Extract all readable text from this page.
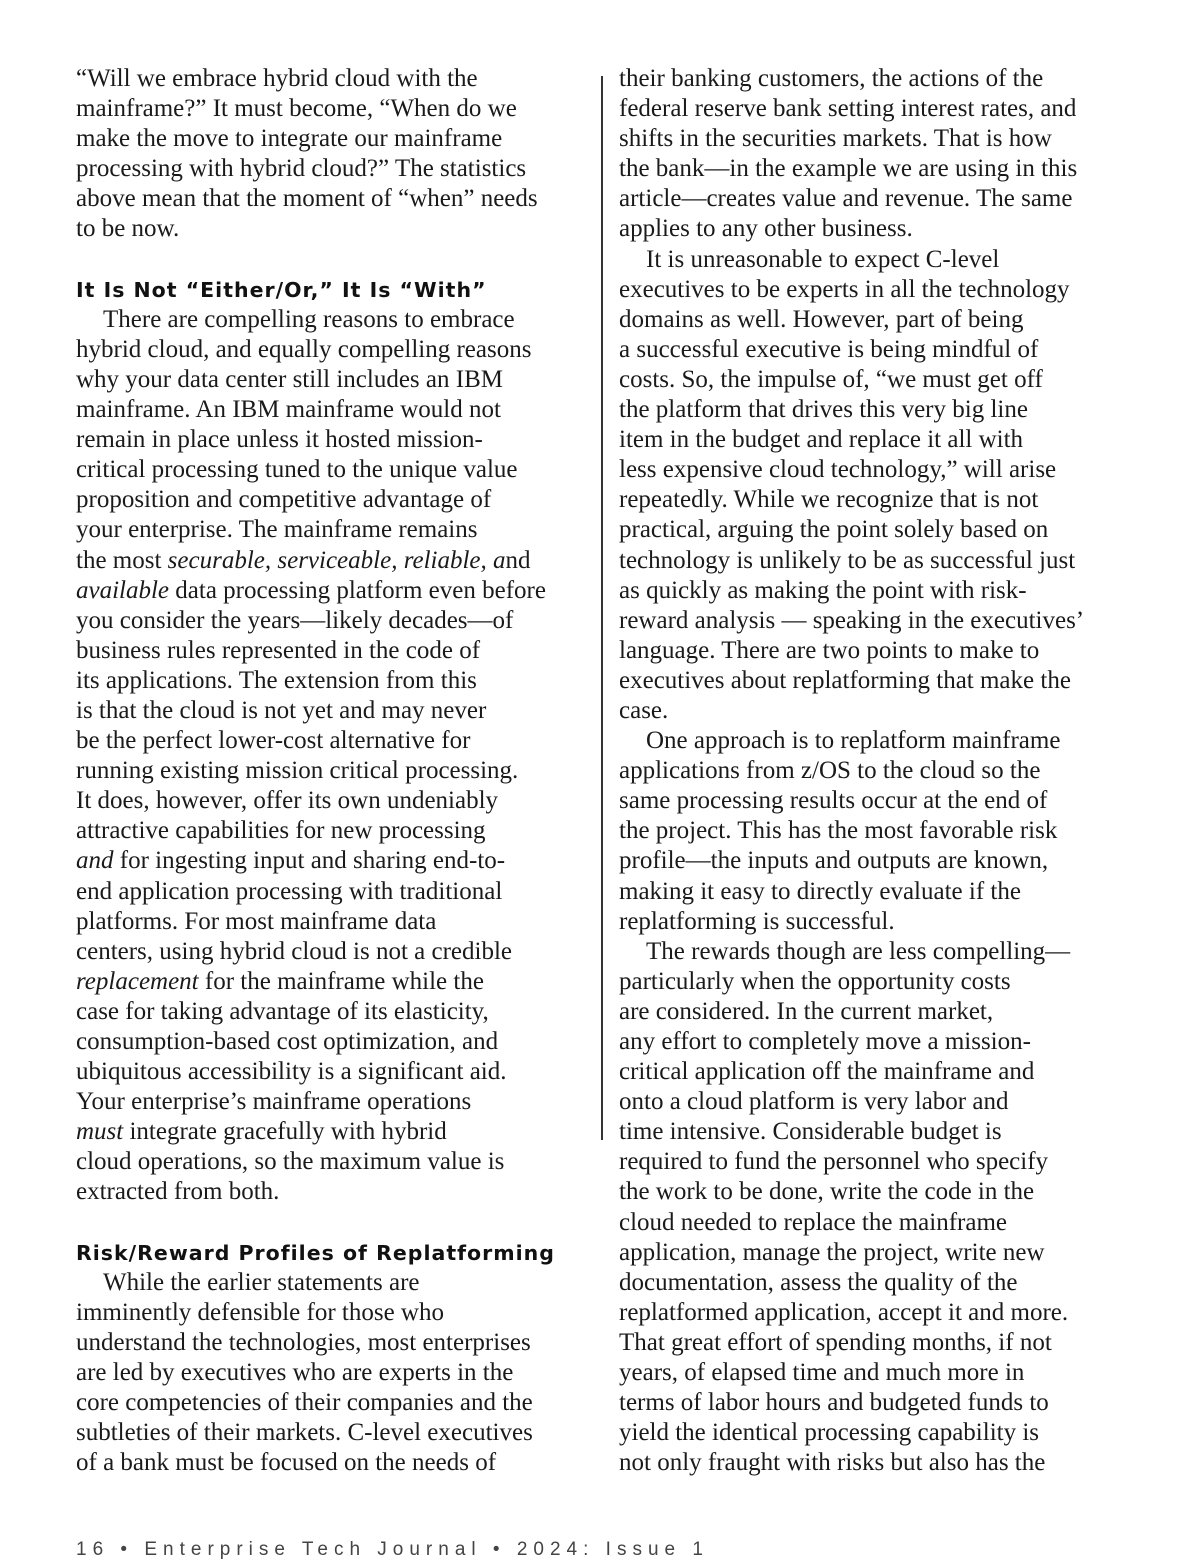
“Will we embrace hybrid cloud with the
mainframe?” It must become, “When do we
make the move to integrate our mainframe
processing with hybrid cloud?” The statistics
above mean that the moment of “when” needs
to be now.
It Is Not “Either/Or,” It Is “With”
There are compelling reasons to embrace
hybrid cloud, and equally compelling reasons
why your data center still includes an IBM
mainframe. An IBM mainframe would not
remain in place unless it hosted mission-
critical processing tuned to the unique value
proposition and competitive advantage of
your enterprise. The mainframe remains
the most securable, serviceable, reliable, and
available data processing platform even before
you consider the years—likely decades—of
business rules represented in the code of
its applications. The extension from this
is that the cloud is not yet and may never
be the perfect lower-cost alternative for
running existing mission critical processing.
It does, however, offer its own undeniably
attractive capabilities for new processing
and for ingesting input and sharing end-to-
end application processing with traditional
platforms. For most mainframe data
centers, using hybrid cloud is not a credible
replacement for the mainframe while the
case for taking advantage of its elasticity,
consumption-based cost optimization, and
ubiquitous accessibility is a significant aid.
Your enterprise’s mainframe operations
must integrate gracefully with hybrid
cloud operations, so the maximum value is
extracted from both.
Risk/Reward Profiles of Replatforming
While the earlier statements are
imminently defensible for those who
understand the technologies, most enterprises
are led by executives who are experts in the
core competencies of their companies and the
subtleties of their markets. C-level executives
of a bank must be focused on the needs of
their banking customers, the actions of the
federal reserve bank setting interest rates, and
shifts in the securities markets. That is how
the bank—in the example we are using in this
article—creates value and revenue. The same
applies to any other business.
It is unreasonable to expect C-level
executives to be experts in all the technology
domains as well. However, part of being
a successful executive is being mindful of
costs. So, the impulse of, “we must get off
the platform that drives this very big line
item in the budget and replace it all with
less expensive cloud technology,” will arise
repeatedly. While we recognize that is not
practical, arguing the point solely based on
technology is unlikely to be as successful just
as quickly as making the point with risk-
reward analysis — speaking in the executives’
language. There are two points to make to
executives about replatforming that make the
case.
One approach is to replatform mainframe
applications from z/OS to the cloud so the
same processing results occur at the end of
the project. This has the most favorable risk
profile—the inputs and outputs are known,
making it easy to directly evaluate if the
replatforming is successful.
The rewards though are less compelling—
particularly when the opportunity costs
are considered. In the current market,
any effort to completely move a mission-
critical application off the mainframe and
onto a cloud platform is very labor and
time intensive. Considerable budget is
required to fund the personnel who specify
the work to be done, write the code in the
cloud needed to replace the mainframe
application, manage the project, write new
documentation, assess the quality of the
replatformed application, accept it and more.
That great effort of spending months, if not
years, of elapsed time and much more in
terms of labor hours and budgeted funds to
yield the identical processing capability is
not only fraught with risks but also has the
16 • Enterprise Tech Journal • 2024: Issue 1
